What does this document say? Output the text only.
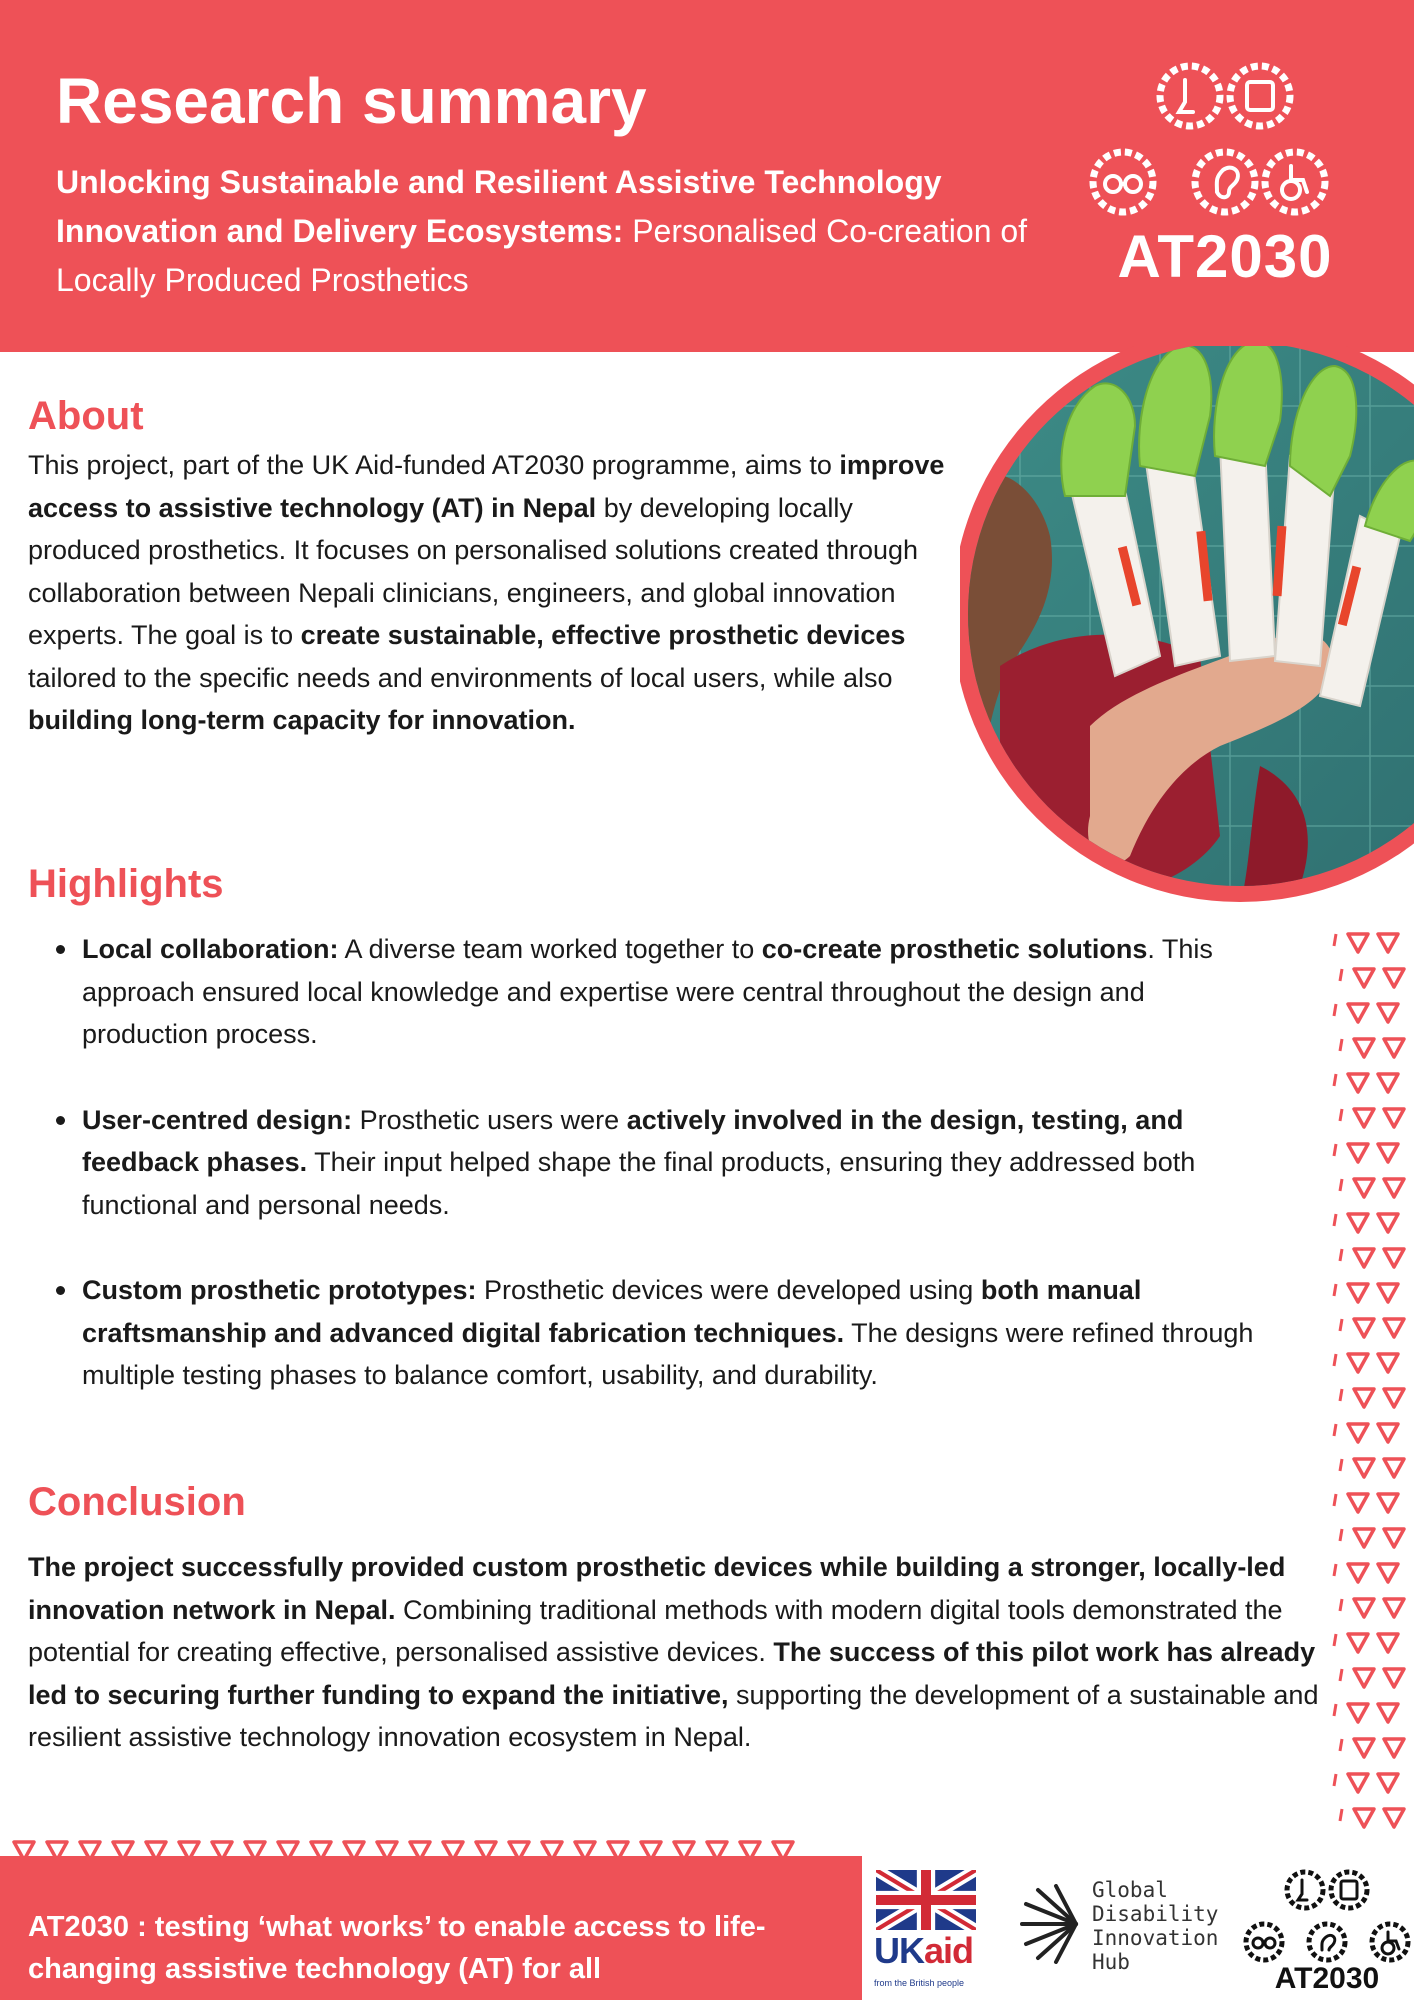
Research summary
Unlocking Sustainable and Resilient Assistive Technology Innovation and Delivery Ecosystems: Personalised Co-creation of Locally Produced Prosthetics	AT2030
About
This project, part of the UK Aid-funded AT2030 programme, aims to improve access to assistive technology (AT) in Nepal by developing locally produced prosthetics. It focuses on personalised solutions created through collaboration between Nepali clinicians, engineers, and global innovation experts. The goal is to create sustainable, effective prosthetic devices tailored to the specific needs and environments of local users, while also building long-term capacity for innovation.
Highlights
Local collaboration: A diverse team worked together to co-create prosthetic solutions. This approach ensured local knowledge and expertise were central throughout the design and production process.
User-centred design: Prosthetic users were actively involved in the design, testing, and feedback phases. Their input helped shape the final products, ensuring they addressed both functional and personal needs.
Custom prosthetic prototypes: Prosthetic devices were developed using both manual craftsmanship and advanced digital fabrication techniques. The designs were refined through multiple testing phases to balance comfort, usability, and durability.
Conclusion
The project successfully provided custom prosthetic devices while building a stronger, locally-led innovation network in Nepal. Combining traditional methods with modern digital tools demonstrated the potential for creating effective, personalised assistive devices. The success of this pilot work has already led to securing further funding to expand the initiative, supporting the development of a sustainable and resilient assistive technology innovation ecosystem in Nepal.
AT2030 : testing ‘what works’ to enable access to life-changing assistive technology (AT) for all	UKaid
from the British people
Global
Disability
Innovation
Hub	AT2030
